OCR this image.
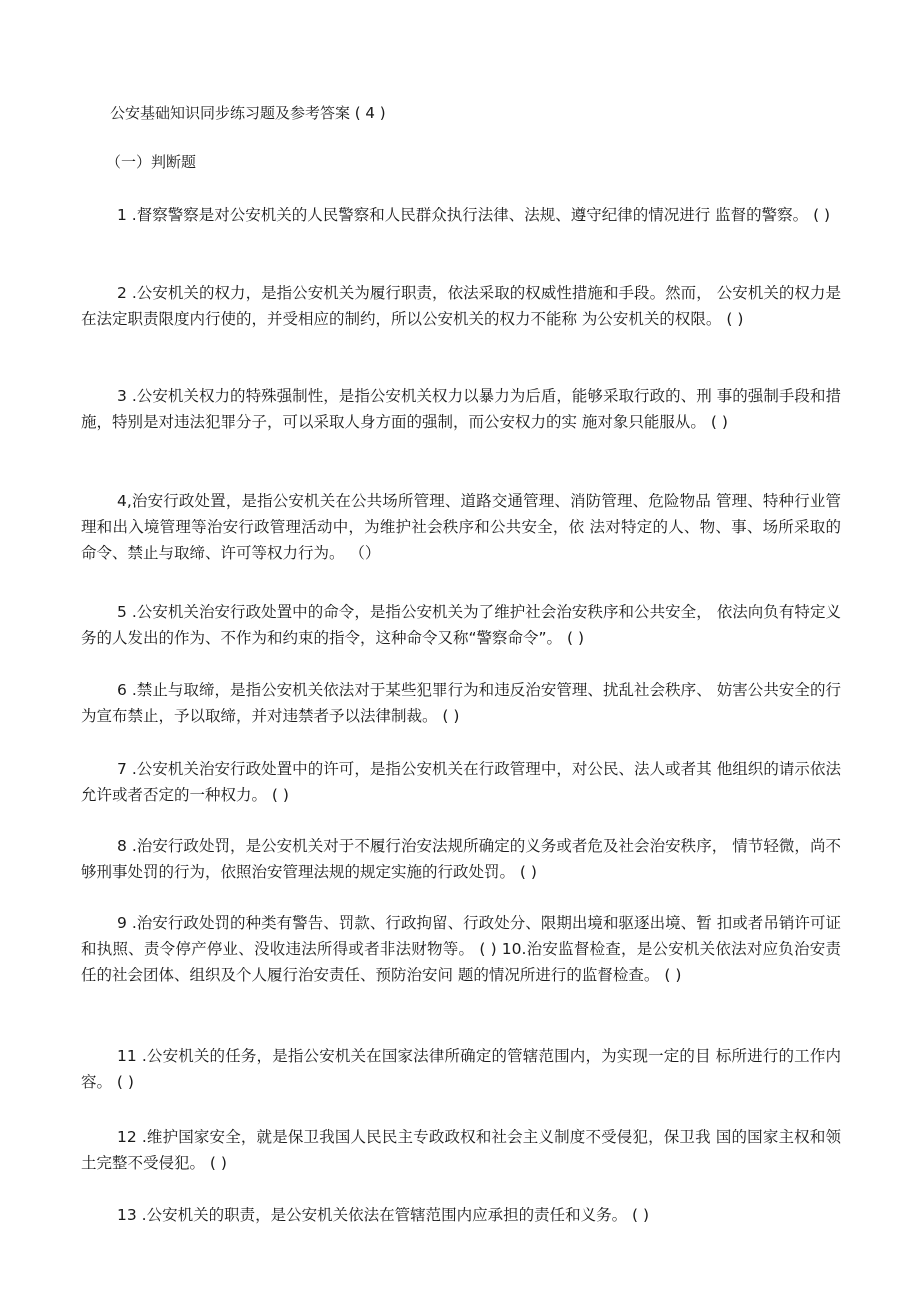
公安基础知识同步练习题及参考答案 ( 4 )
（一）判断题

1 .督察警察是对公安机关的人民警察和人民群众执行法律、法规、遵守纪律的情况进行 监督的警察。 ( )

2 .公安机关的权力，是指公安机关为履行职责，依法采取的权威性措施和手段。然而， 公安机关的权力是在法定职责限度内行使的，并受相应的制约，所以公安机关的权力不能称 为公安机关的权限。 ( )

3 .公安机关权力的特殊强制性，是指公安机关权力以暴力为后盾，能够采取行政的、刑 事的强制手段和措施，特别是对违法犯罪分子，可以采取人身方面的强制，而公安权力的实 施对象只能服从。 ( )

4,治安行政处置，是指公安机关在公共场所管理、道路交通管理、消防管理、危险物品 管理、特种行业管理和出入境管理等治安行政管理活动中，为维护社会秩序和公共安全，依 法对特定的人、物、事、场所采取的命令、禁止与取缔、许可等权力行为。 （）

5 .公安机关治安行政处置中的命令，是指公安机关为了维护社会治安秩序和公共安全， 依法向负有特定义务的人发出的作为、不作为和约束的指令，这种命令又称“警察命令”。 ( )

6 .禁止与取缔，是指公安机关依法对于某些犯罪行为和违反治安管理、扰乱社会秩序、 妨害公共安全的行为宣布禁止，予以取缔，并对违禁者予以法律制裁。 ( )

7 .公安机关治安行政处置中的许可，是指公安机关在行政管理中，对公民、法人或者其 他组织的请示依法允许或者否定的一种权力。 ( )

8 .治安行政处罚，是公安机关对于不履行治安法规所确定的义务或者危及社会治安秩序， 情节轻微，尚不够刑事处罚的行为，依照治安管理法规的规定实施的行政处罚。 ( )

9 .治安行政处罚的种类有警告、罚款、行政拘留、行政处分、限期出境和驱逐出境、暂 扣或者吊销许可证和执照、责令停产停业、没收违法所得或者非法财物等。 ( ) 10.治安监督检查，是公安机关依法对应负治安责任的社会团体、组织及个人履行治安责任、预防治安问 题的情况所进行的监督检查。 ( )

11 .公安机关的任务，是指公安机关在国家法律所确定的管辖范围内，为实现一定的目 标所进行的工作内容。 ( )

12 .维护国家安全，就是保卫我国人民民主专政政权和社会主义制度不受侵犯，保卫我 国的国家主权和领土完整不受侵犯。 ( )

13 .公安机关的职责，是公安机关依法在管辖范围内应承担的责任和义务。 ( )
